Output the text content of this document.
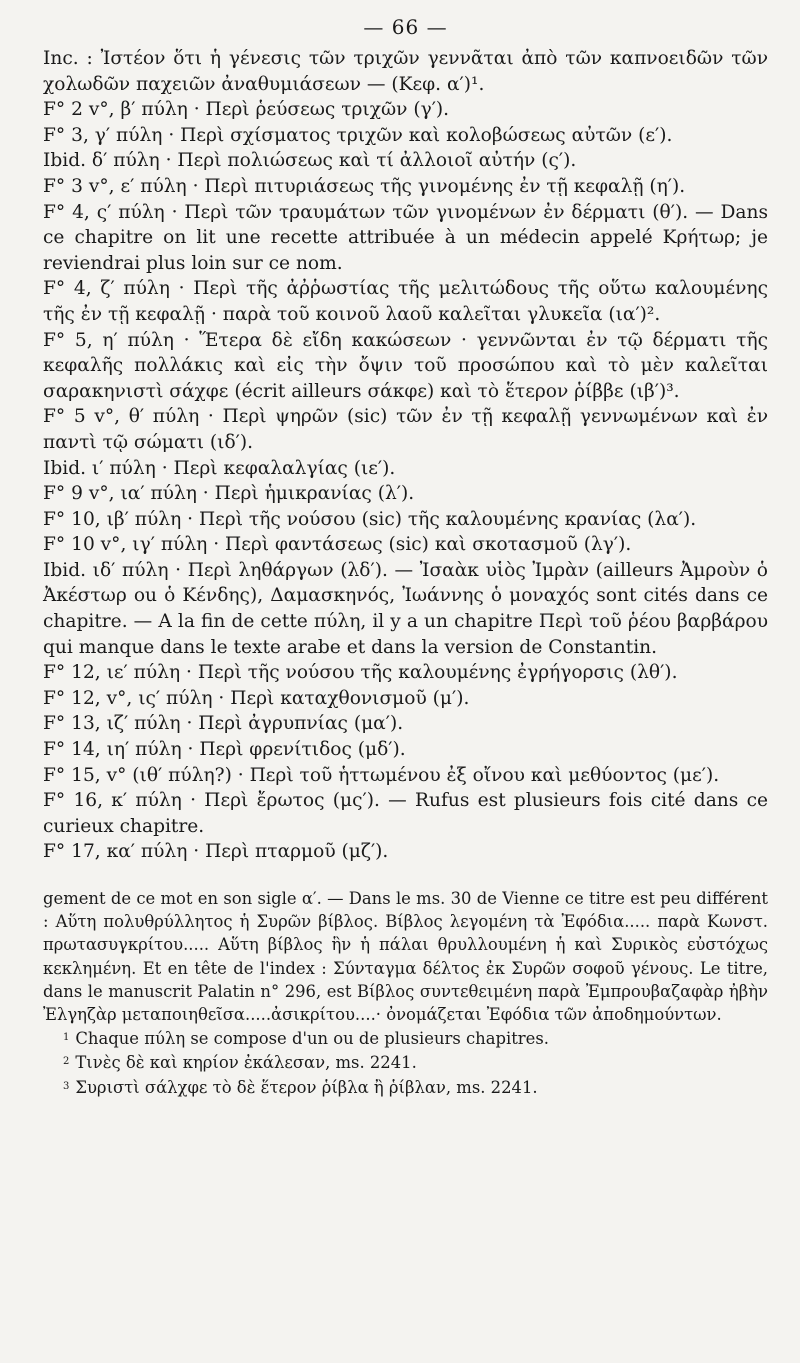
— 66 —

Inc. : Ἰστέον ὅτι ἡ γένεσις τῶν τριχῶν γεννᾶται ἀπὸ τῶν καπνοειδῶν τῶν χολωδῶν παχειῶν ἀναθυμιάσεων — (Κεφ. α′)¹.

F° 2 v°, β′ πύλη · Περὶ ῥεύσεως τριχῶν (γ′).

F° 3, γ′ πύλη · Περὶ σχίσματος τριχῶν καὶ κολοβώσεως αὐτῶν (ε′).

Ibid. δ′ πύλη · Περὶ πολιώσεως καὶ τί ἀλλοιοῖ αὐτήν (ς′).

F° 3 v°, ε′ πύλη · Περὶ πιτυριάσεως τῆς γινομένης ἐν τῇ κεφαλῇ (η′).

F° 4, ς′ πύλη · Περὶ τῶν τραυμάτων τῶν γινομένων ἐν δέρματι (θ′). — Dans ce chapitre on lit une recette attribuée à un médecin appelé Κρήτωρ; je reviendrai plus loin sur ce nom.

F° 4, ζ′ πύλη · Περὶ τῆς ἀῤῥωστίας τῆς μελιτώδους τῆς οὕτω καλουμένης τῆς ἐν τῇ κεφαλῇ · παρὰ τοῦ κοινοῦ λαοῦ καλεῖται γλυκεῖα (ια′)².

F° 5, η′ πύλη · Ἕτερα δὲ εἴδη κακώσεων · γεννῶνται ἐν τῷ δέρματι τῆς κεφαλῆς πολλάκις καὶ εἰς τὴν ὄψιν τοῦ προσώπου καὶ τὸ μὲν καλεῖται σαρακηνιστὶ σάχφε (écrit ailleurs σάκφε) καὶ τὸ ἕτερον ῥίββε (ιβ′)³.

F° 5 v°, θ′ πύλη · Περὶ ψηρῶν (sic) τῶν ἐν τῇ κεφαλῇ γεννωμένων καὶ ἐν παντὶ τῷ σώματι (ιδ′).

Ibid. ι′ πύλη · Περὶ κεφαλαλγίας (ιε′).

F° 9 v°, ια′ πύλη · Περὶ ἡμικρανίας (λ′).

F° 10, ιβ′ πύλη · Περὶ τῆς νούσου (sic) τῆς καλουμένης κρανίας (λα′).

F° 10 v°, ιγ′ πύλη · Περὶ φαντάσεως (sic) καὶ σκοτασμοῦ (λγ′).

Ibid. ιδ′ πύλη · Περὶ ληθάργων (λδ′). — Ἰσαὰκ υἱὸς Ἰμρὰν (ailleurs Ἀμροὺν ὁ Ἀκέστωρ ou ὁ Κένδης), Δαμασκηνός, Ἰωάννης ὁ μοναχός sont cités dans ce chapitre. — A la fin de cette πύλη, il y a un chapitre Περὶ τοῦ ῥέου βαρβάρου qui manque dans le texte arabe et dans la version de Constantin.

F° 12, ιε′ πύλη · Περὶ τῆς νούσου τῆς καλουμένης ἐγρήγορσις (λθ′).

F° 12, v°, ις′ πύλη · Περὶ καταχθονισμοῦ (μ′).

F° 13, ιζ′ πύλη · Περὶ ἀγρυπνίας (μα′).

F° 14, ιη′ πύλη · Περὶ φρενίτιδος (μδ′).

F° 15, v° (ιθ′ πύλη?) · Περὶ τοῦ ἡττωμένου ἐξ οἴνου καὶ μεθύοντος (με′).

F° 16, κ′ πύλη · Περὶ ἔρωτος (μς′). — Rufus est plusieurs fois cité dans ce curieux chapitre.

F° 17, κα′ πύλη · Περὶ πταρμοῦ (μζ′).

gement de ce mot en son sigle α′. — Dans le ms. 30 de Vienne ce titre est peu différent : Αὕτη πολυθρύλλητος ἡ Συρῶν βίβλος. Βίβλος λεγομένη τὰ Ἐφόδια..... παρὰ Κωνστ. πρωτασυγκρίτου..... Αὕτη βίβλος ἣν ἡ πάλαι θρυλλουμένη ἡ καὶ Συρικὸς εὐστόχως κεκλημένη. Et en tête de l'index : Σύνταγμα δέλτος ἐκ Συρῶν σοφοῦ γένους. Le titre, dans le manuscrit Palatin n° 296, est Βίβλος συντεθειμένη παρὰ Ἐμπρουβαζαφὰρ ἠβὴν Ἐλγηζὰρ μεταποιηθεῖσα.....ἀσικρίτου....· ὀνομάζεται Ἐφόδια τῶν ἀποδημούντων.

$^1$ Chaque πύλη se compose d'un ou de plusieurs chapitres.

$^2$ Τινὲς δὲ καὶ κηρίον ἐκάλεσαν, ms. 2241.

$^3$ Συριστὶ σάλχφε τὸ δὲ ἕτερον ῥίβλα ἢ ῥίβλαν, ms. 2241.
